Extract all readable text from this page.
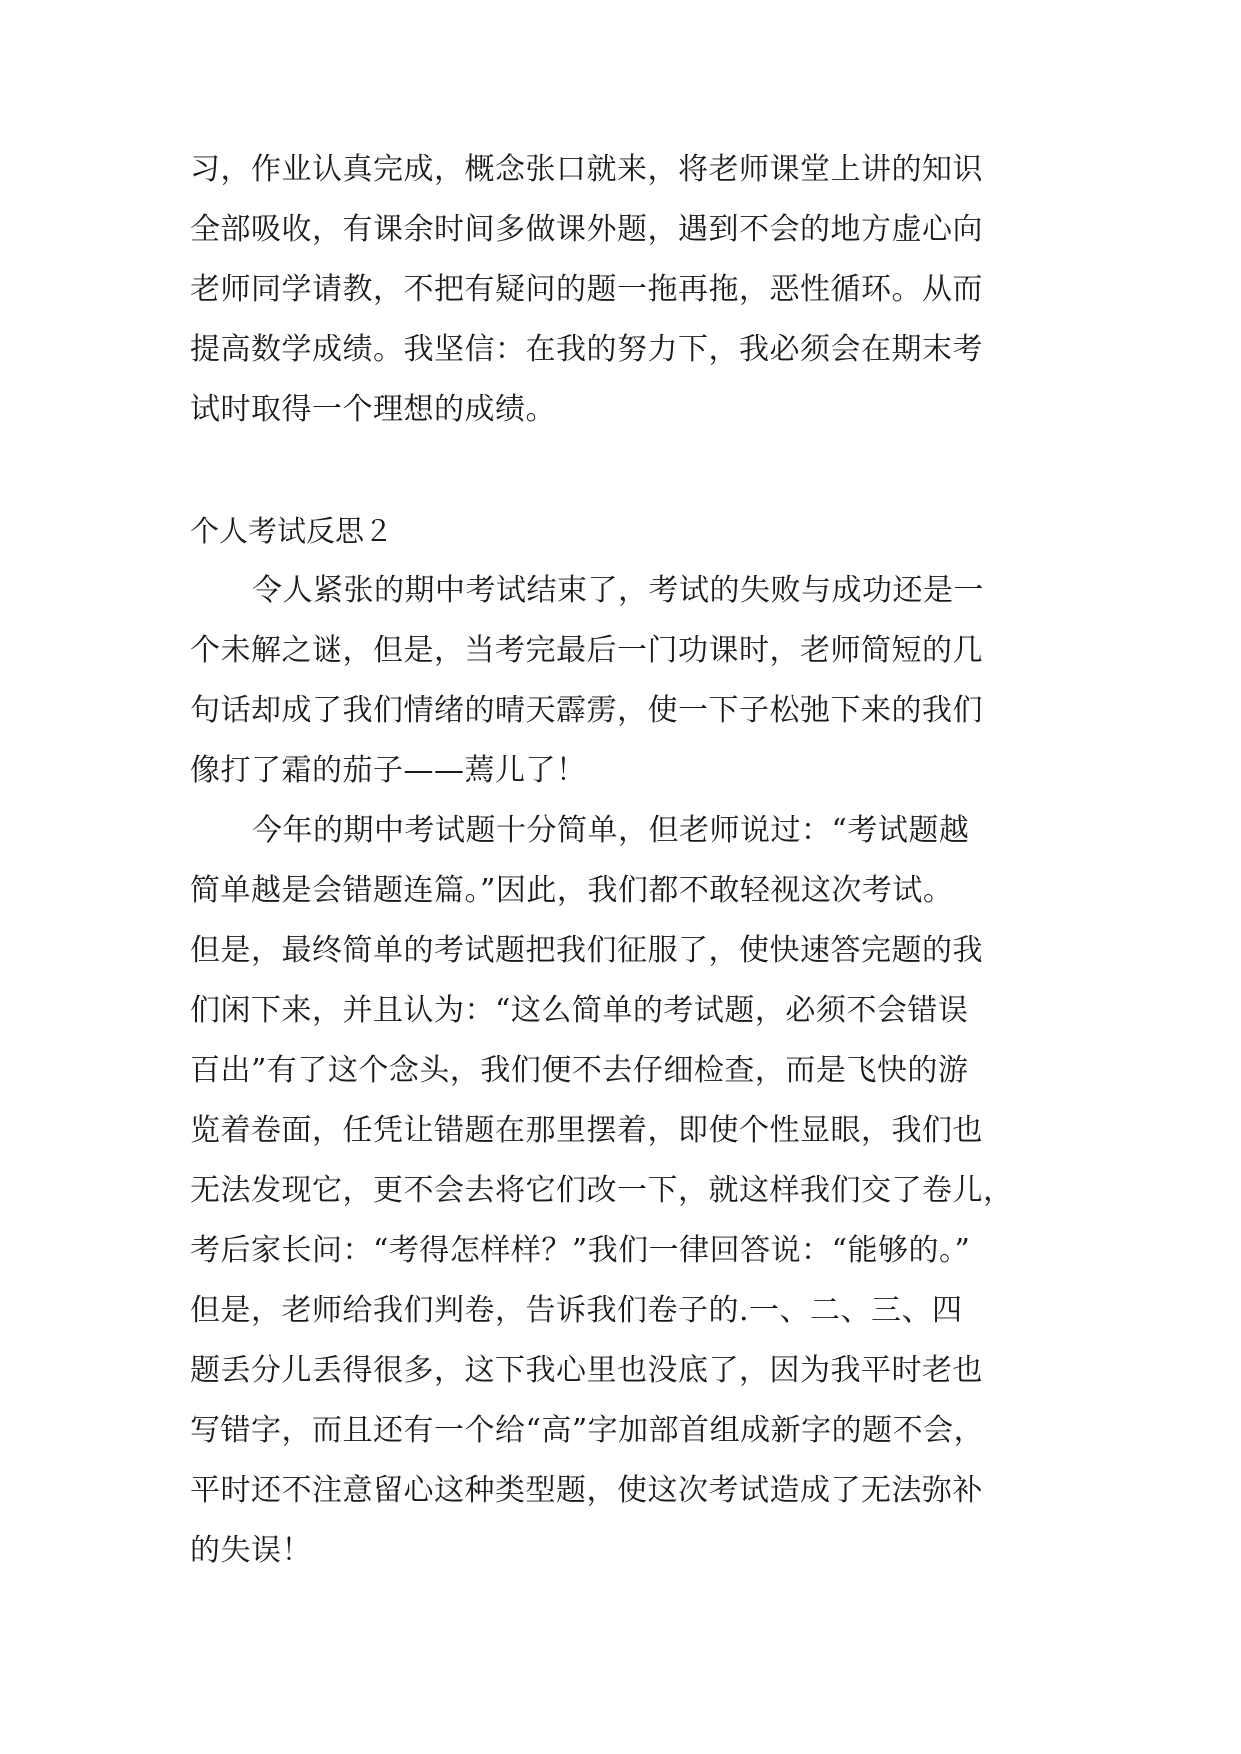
习，作业认真完成，概念张口就来，将老师课堂上讲的知识
全部吸收，有课余时间多做课外题，遇到不会的地方虚心向
老师同学请教，不把有疑问的题一拖再拖，恶性循环。从而
提高数学成绩。我坚信：在我的努力下，我必须会在期末考
试时取得一个理想的成绩。
个人考试反思２
令人紧张的期中考试结束了，考试的失败与成功还是一
个未解之谜，但是，当考完最后一门功课时，老师简短的几
句话却成了我们情绪的晴天霹雳，使一下子松弛下来的我们
像打了霜的茄子——蔫儿了！
今年的期中考试题十分简单，但老师说过：“考试题越
简单越是会错题连篇。”因此，我们都不敢轻视这次考试。
但是，最终简单的考试题把我们征服了，使快速答完题的我
们闲下来，并且认为：“这么简单的考试题，必须不会错误
百出”有了这个念头，我们便不去仔细检查，而是飞快的游
览着卷面，任凭让错题在那里摆着，即使个性显眼，我们也
无法发现它，更不会去将它们改一下，就这样我们交了卷儿，
考后家长问：“考得怎样样？”我们一律回答说：“能够的。”
但是，老师给我们判卷，告诉我们卷子的.一、二、三、四
题丢分儿丢得很多，这下我心里也没底了，因为我平时老也
写错字，而且还有一个给“高”字加部首组成新字的题不会，
平时还不注意留心这种类型题，使这次考试造成了无法弥补
的失误！
